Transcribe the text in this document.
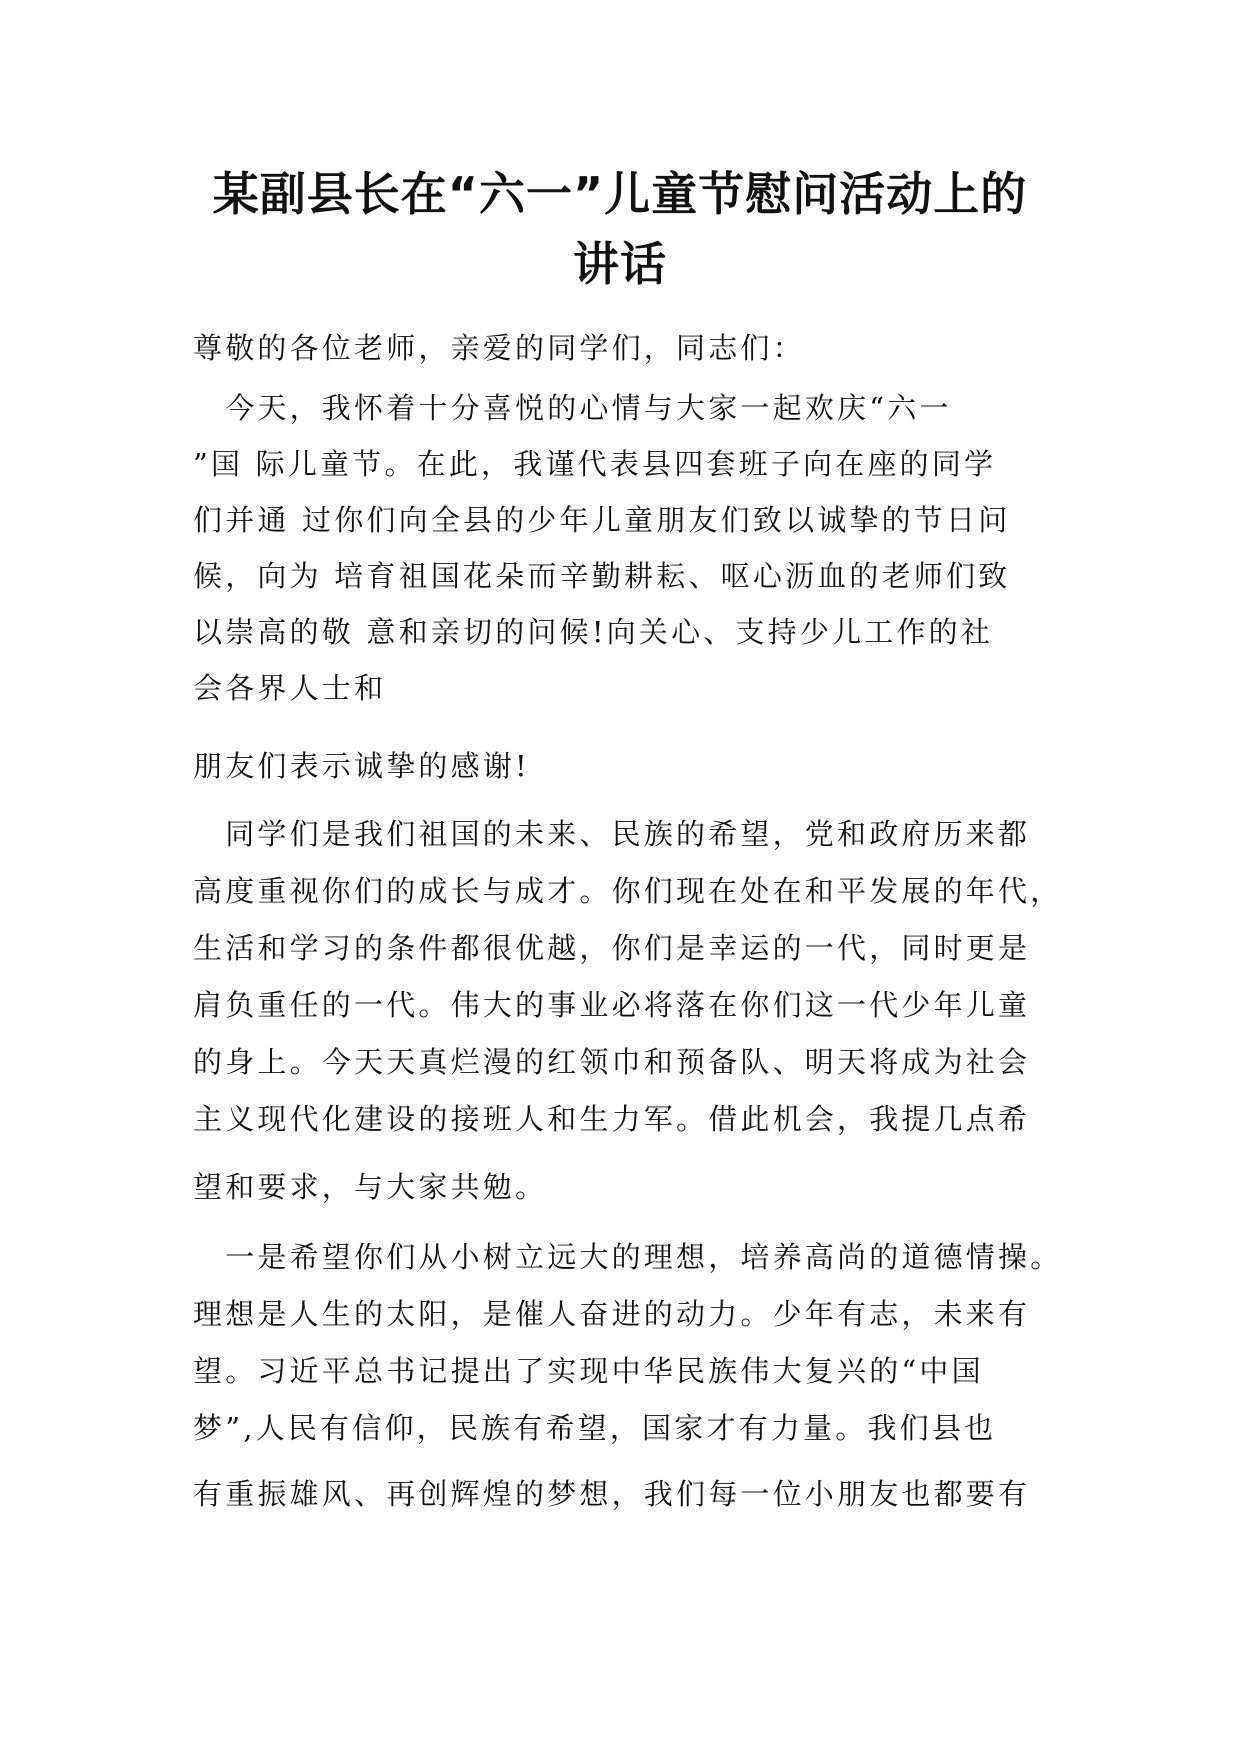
某副县长在“六一”儿童节慰问活动上的
讲话
尊敬的各位老师，亲爱的同学们，同志们：
　今天，我怀着十分喜悦的心情与大家一起欢庆“六一
”国 际儿童节。在此，我谨代表县四套班子向在座的同学
们并通 过你们向全县的少年儿童朋友们致以诚挚的节日问
候，向为 培育祖国花朵而辛勤耕耘、呕心沥血的老师们致
以崇高的敬 意和亲切的问候!向关心、支持少儿工作的社
会各界人士和
朋友们表示诚挚的感谢!
　同学们是我们祖国的未来、民族的希望，党和政府历来都
高度重视你们的成长与成才。你们现在处在和平发展的年代，
生活和学习的条件都很优越，你们是幸运的一代，同时更是
肩负重任的一代。伟大的事业必将落在你们这一代少年儿童
的身上。今天天真烂漫的红领巾和预备队、明天将成为社会
主义现代化建设的接班人和生力军。借此机会，我提几点希
望和要求，与大家共勉。
　一是希望你们从小树立远大的理想，培养高尚的道德情操。
理想是人生的太阳，是催人奋进的动力。少年有志，未来有
望。习近平总书记提出了实现中华民族伟大复兴的“中国
梦”,人民有信仰，民族有希望，国家才有力量。我们县也
有重振雄风、再创辉煌的梦想，我们每一位小朋友也都要有
